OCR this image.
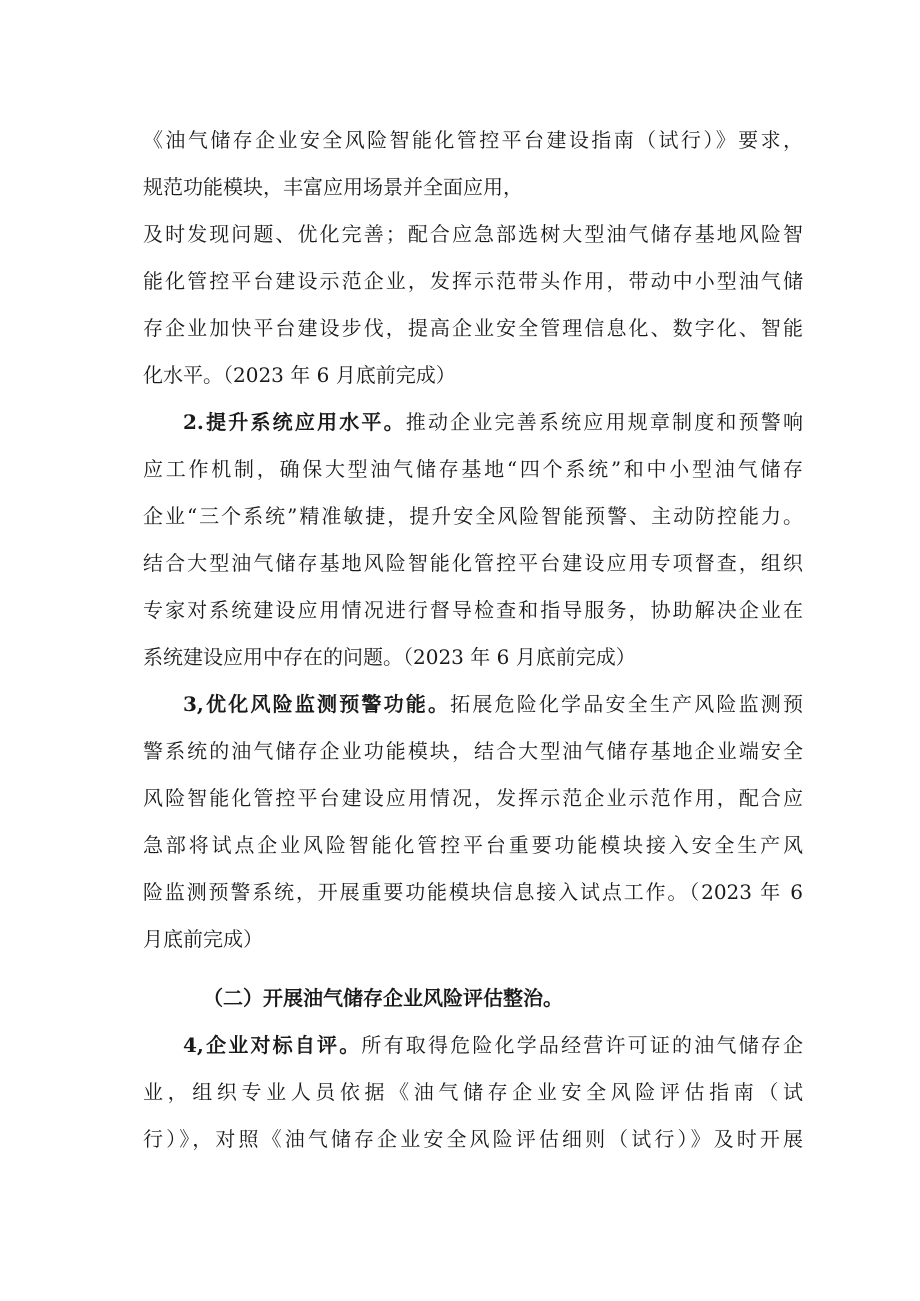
《油气储存企业安全风险智能化管控平台建设指南（试行）》要求，
规范功能模块，丰富应用场景并全面应用，
及时发现问题、优化完善；配合应急部选树大型油气储存基地风险智
能化管控平台建设示范企业，发挥示范带头作用，带动中小型油气储
存企业加快平台建设步伐，提高企业安全管理信息化、数字化、智能
化水平。（2023 年 6 月底前完成）
2.提升系统应用水平。推动企业完善系统应用规章制度和预警响
应工作机制，确保大型油气储存基地“四个系统”和中小型油气储存
企业“三个系统”精准敏捷，提升安全风险智能预警、主动防控能力。
结合大型油气储存基地风险智能化管控平台建设应用专项督查，组织
专家对系统建设应用情况进行督导检查和指导服务，协助解决企业在
系统建设应用中存在的问题。（2023 年 6 月底前完成）
3,优化风险监测预警功能。拓展危险化学品安全生产风险监测预
警系统的油气储存企业功能模块，结合大型油气储存基地企业端安全
风险智能化管控平台建设应用情况，发挥示范企业示范作用，配合应
急部将试点企业风险智能化管控平台重要功能模块接入安全生产风
险监测预警系统，开展重要功能模块信息接入试点工作。（2023 年 6
月底前完成）
（二）开展油气储存企业风险评估整治。
4,企业对标自评。所有取得危险化学品经营许可证的油气储存企
业，组织专业人员依据《油气储存企业安全风险评估指南（试
行）》，对照《油气储存企业安全风险评估细则（试行）》及时开展
